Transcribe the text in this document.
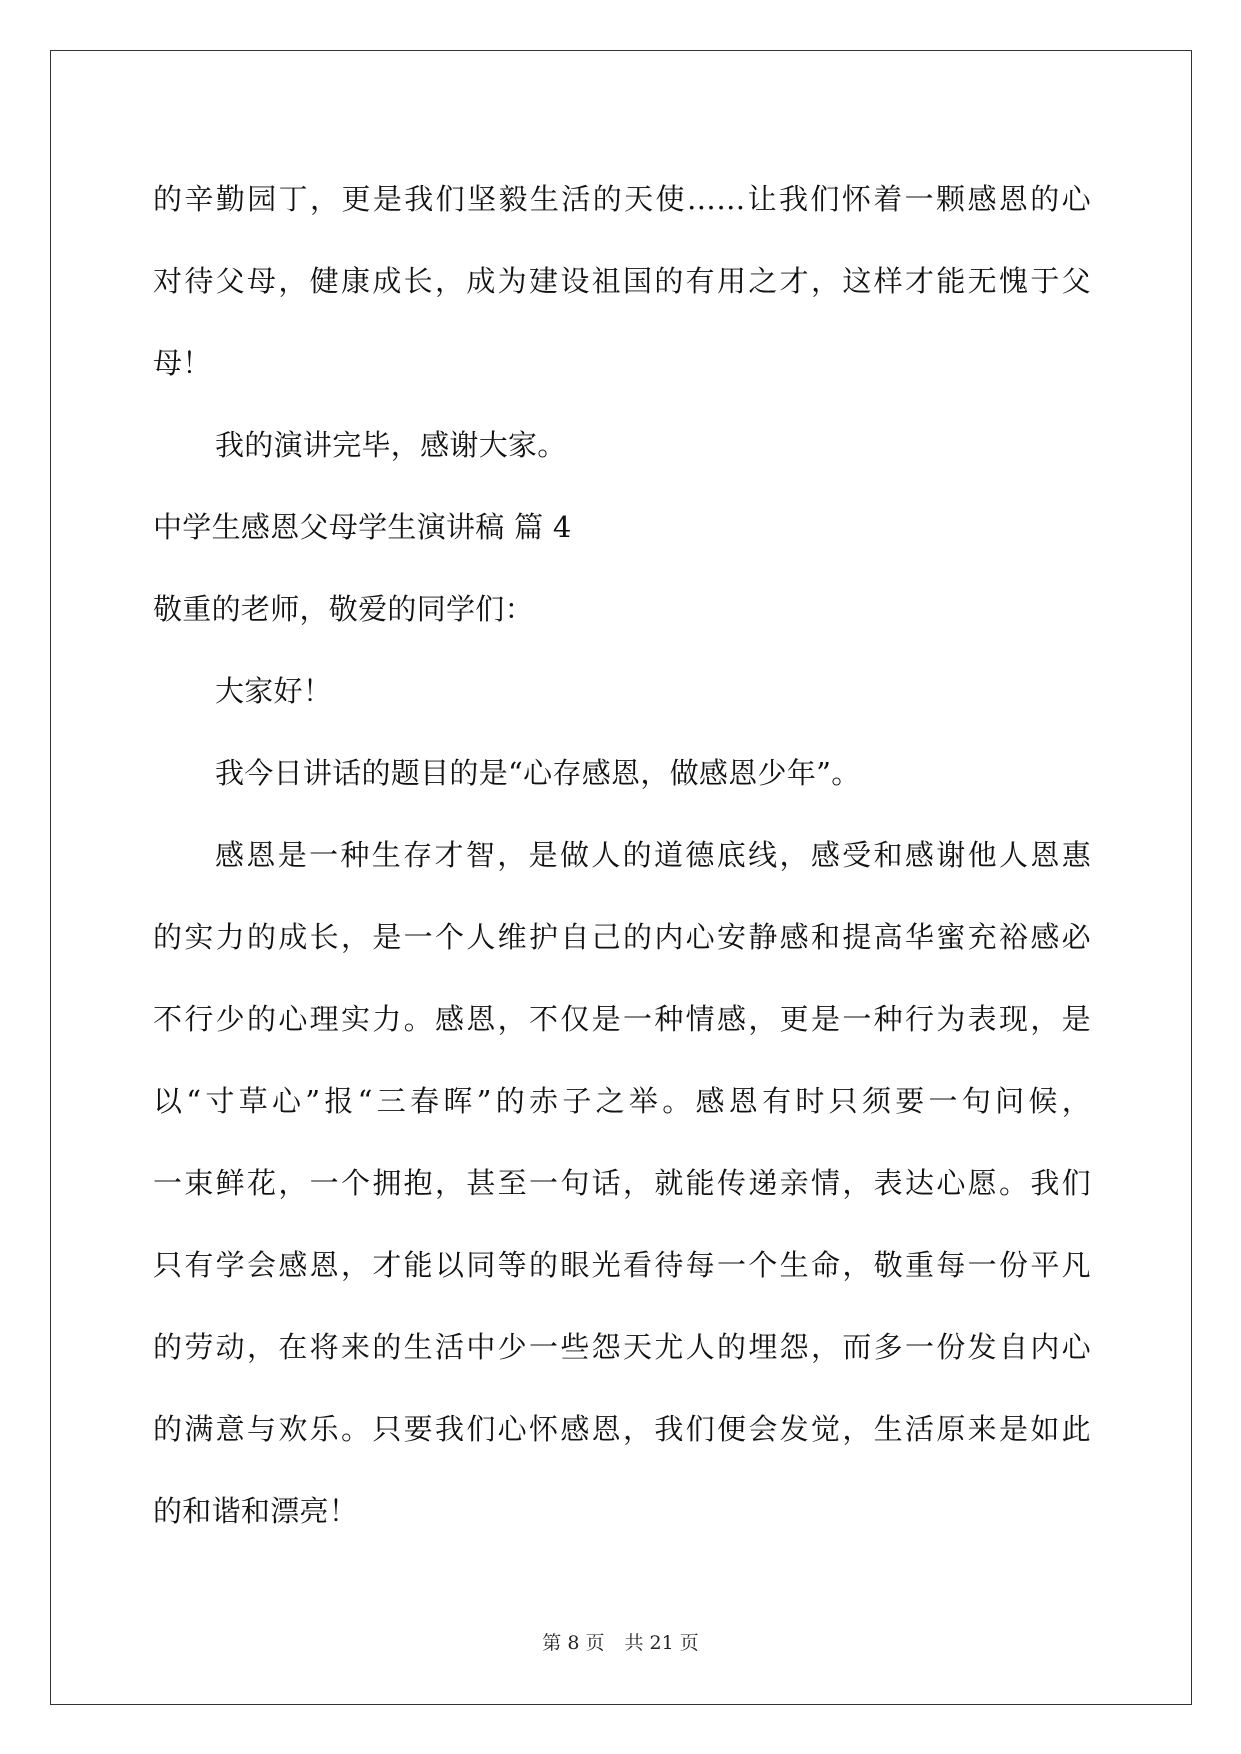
的辛勤园丁，更是我们坚毅生活的天使……让我们怀着一颗感恩的心
对待父母，健康成长，成为建设祖国的有用之才，这样才能无愧于父
母！
我的演讲完毕，感谢大家。
中学生感恩父母学生演讲稿 篇 4
敬重的老师，敬爱的同学们：
大家好！
我今日讲话的题目的是“心存感恩，做感恩少年”。
感恩是一种生存才智，是做人的道德底线，感受和感谢他人恩惠
的实力的成长，是一个人维护自己的内心安静感和提高华蜜充裕感必
不行少的心理实力。感恩，不仅是一种情感，更是一种行为表现，是
以“寸草心”报“三春晖”的赤子之举。感恩有时只须要一句问候，
一束鲜花，一个拥抱，甚至一句话，就能传递亲情，表达心愿。我们
只有学会感恩，才能以同等的眼光看待每一个生命，敬重每一份平凡
的劳动，在将来的生活中少一些怨天尤人的埋怨，而多一份发自内心
的满意与欢乐。只要我们心怀感恩，我们便会发觉，生活原来是如此
的和谐和漂亮！
第 8 页 共 21 页
